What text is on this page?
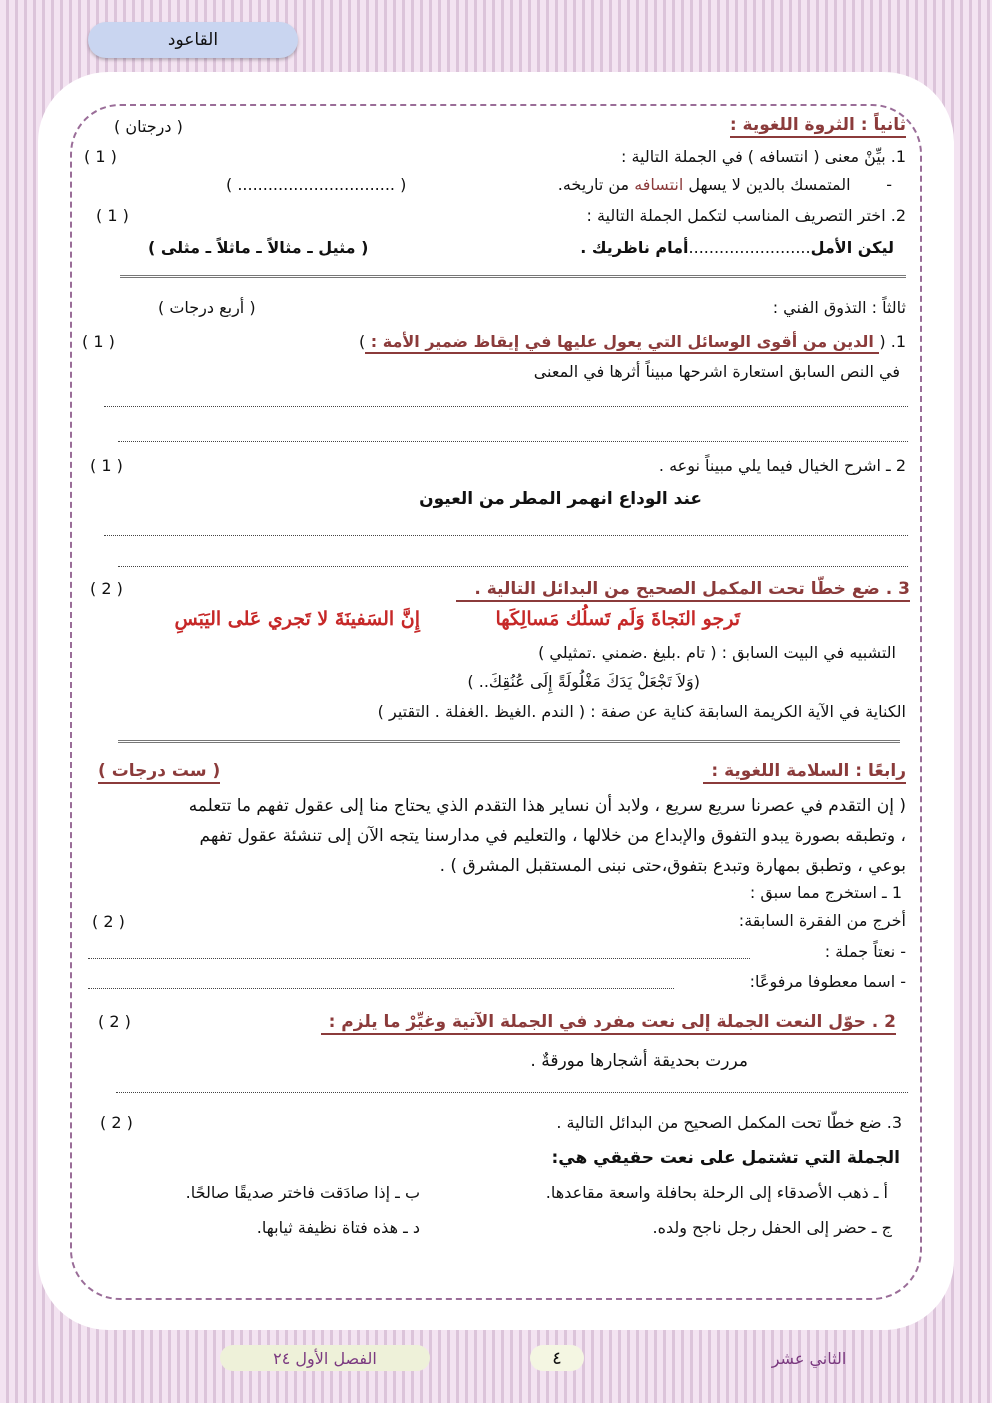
القاعود
ثانياً : الثروة اللغوية :
( درجتان )
1. بيِّنْ معنى ( انتسافه ) في الجملة التالية :
( 1 )
-       المتمسك بالدين لا يسهل انتسافه من تاريخه.
( ............................... )
2. اختر التصريف المناسب لتكمل الجملة التالية :
( 1 )
ليكن الأمل........................أمام ناظريك .
( مثيل ـ مثالاً ـ ماثلاً ـ مثلى )
ثالثاً : التذوق الفني :
( أربع درجات )
1. ( الدين من أقوى الوسائل التي يعول عليها في إيقاظ ضمير الأمة : )
( 1 )
في النص السابق استعارة اشرحها مبيناً أثرها في المعنى
2 ـ اشرح الخيال فيما يلي مبيناً نوعه .
( 1 )
عند الوداع انهمر المطر من العيون
3 . ضع خطّا تحت المكمل الصحيح من البدائل التالية .
( 2 )
تَرجو النَجاةَ وَلَم تَسلُك مَسالِكَها
إِنَّ السَفينَةَ لا تَجري عَلى اليَبَسِ
التشبيه في البيت السابق : ( تام .بليغ .ضمني .تمثيلي )
(وَلاَ تَجْعَلْ يَدَكَ مَغْلُولَةً إِلَى عُنُقِكَ.. )
الكناية في الآية الكريمة السابقة كناية عن صفة : ( الندم .الغيظ .الغفلة . التقتير )
رابعًا : السلامة اللغوية :
( ست درجات )
( إن التقدم في عصرنا سريع سريع ، ولابد أن نساير هذا التقدم الذي يحتاج منا إلى عقول تفهم ما تتعلمه
، وتطبقه بصورة يبدو التفوق والإبداع من خلالها ، والتعليم في مدارسنا يتجه الآن إلى تنشئة عقول تفهم
بوعي ، وتطبق بمهارة وتبدع بتفوق،حتى نبنى المستقبل المشرق ) .
1 ـ استخرج مما سبق :
أخرج من الفقرة السابقة:
( 2 )
- نعتاً جملة :
- اسما معطوفا مرفوعًا:
2 . حوّل النعت الجملة إلى نعت مفرد في الجملة الآتية وغيِّرْ ما يلزم :
( 2 )
مررت بحديقة أشجارها مورقةٌ .
3. ضع خطّا تحت المكمل الصحيح من البدائل التالية .
( 2 )
الجملة التي تشتمل على نعت حقيقي هي:
أ ـ ذهب الأصدقاء إلى الرحلة بحافلة واسعة مقاعدها.
ب ـ إذا صادَقت فاختر صديقًا صالحًا.
ج ـ حضر إلى الحفل رجل ناجح ولده.
د ـ هذه فتاة نظيفة ثيابها.
الثاني عشر
٤
الفصل الأول ٢٤
